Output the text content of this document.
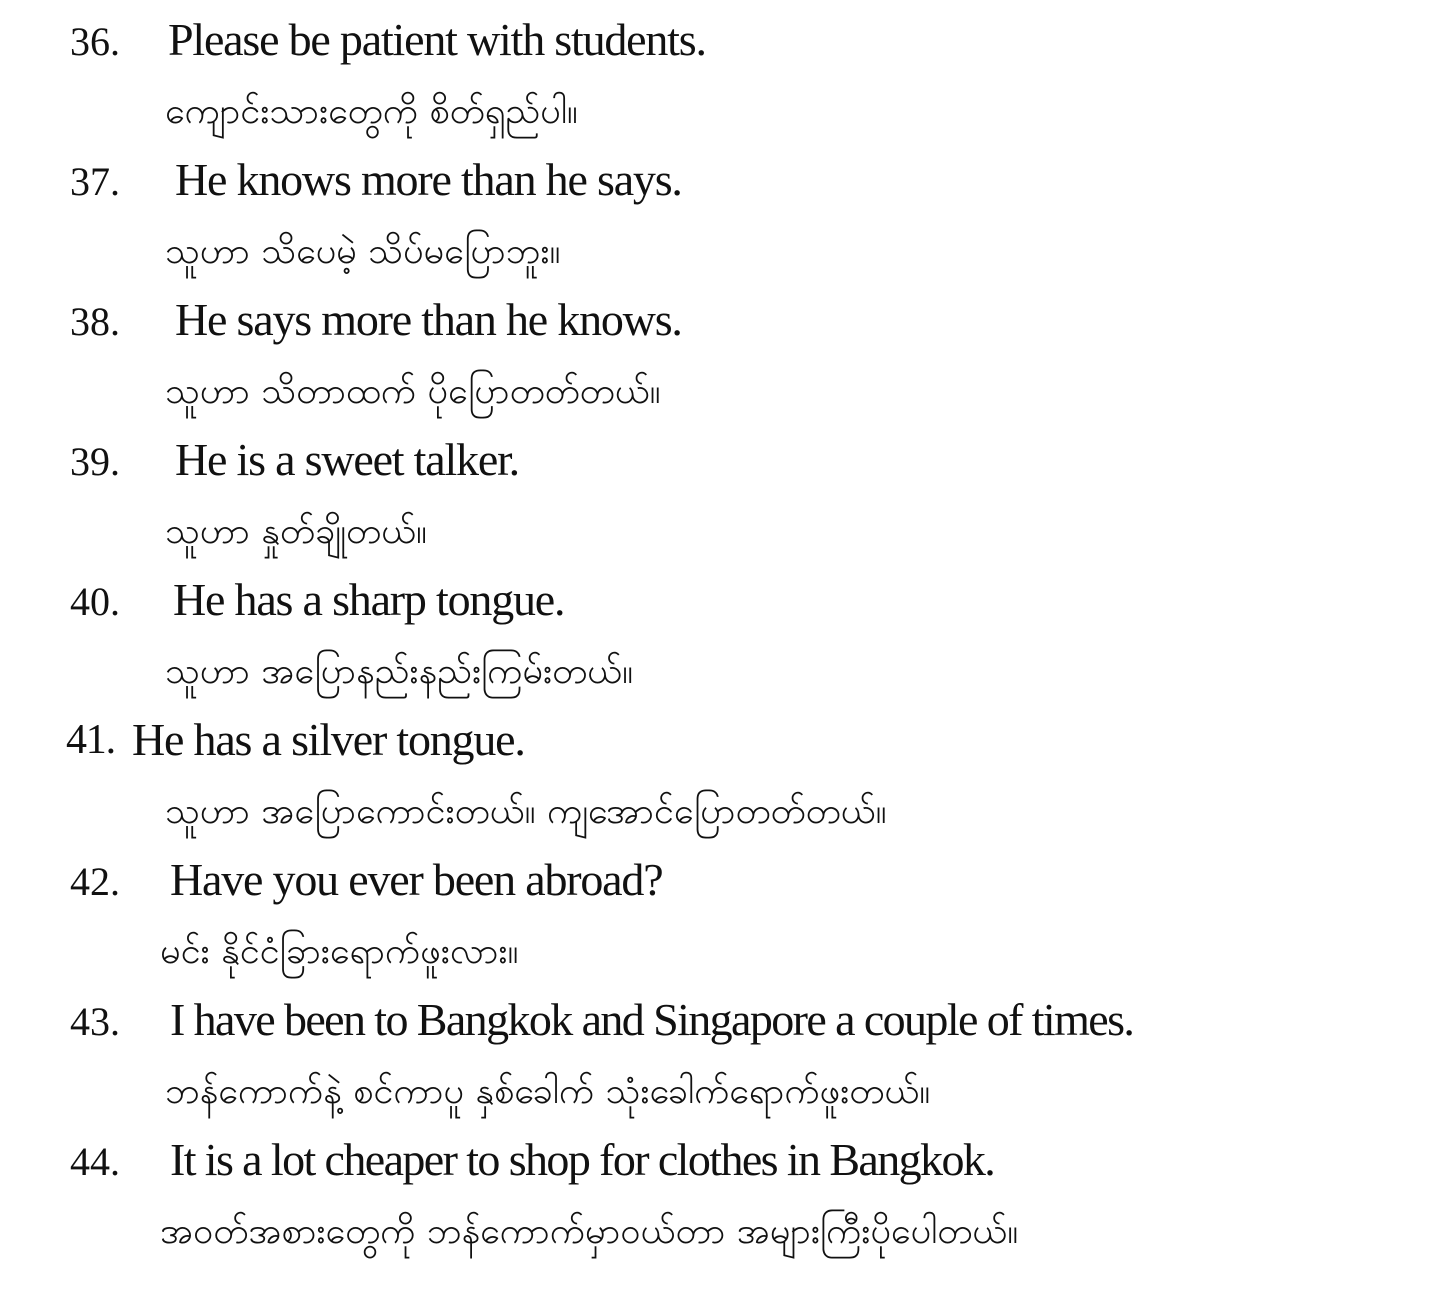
36.	Please be patient with students.
ကျောင်းသားတွေကို စိတ်ရှည်ပါ။
37.	He knows more than he says.
သူဟာ သိပေမဲ့ သိပ်မပြောဘူး။
38.	He says more than he knows.
သူဟာ သိတာထက် ပိုပြောတတ်တယ်။
39.	He is a sweet talker.
သူဟာ နှုတ်ချိုတယ်။
40.	He has a sharp tongue.
သူဟာ အပြောနည်းနည်းကြမ်းတယ်။
41. He has a silver tongue.
သူဟာ အပြောကောင်းတယ်။ ကျအောင်ပြောတတ်တယ်။
42.	Have you ever been abroad?
မင်း နိုင်ငံခြားရောက်ဖူးလား။
43.	I have been to Bangkok and Singapore a couple of times.
ဘန်ကောက်နဲ့ စင်ကာပူ နှစ်ခေါက် သုံးခေါက်ရောက်ဖူးတယ်။
44.	It is a lot cheaper to shop for clothes in Bangkok.
အဝတ်အစားတွေကို ဘန်ကောက်မှာဝယ်တာ အများကြီးပိုပေါတယ်။
